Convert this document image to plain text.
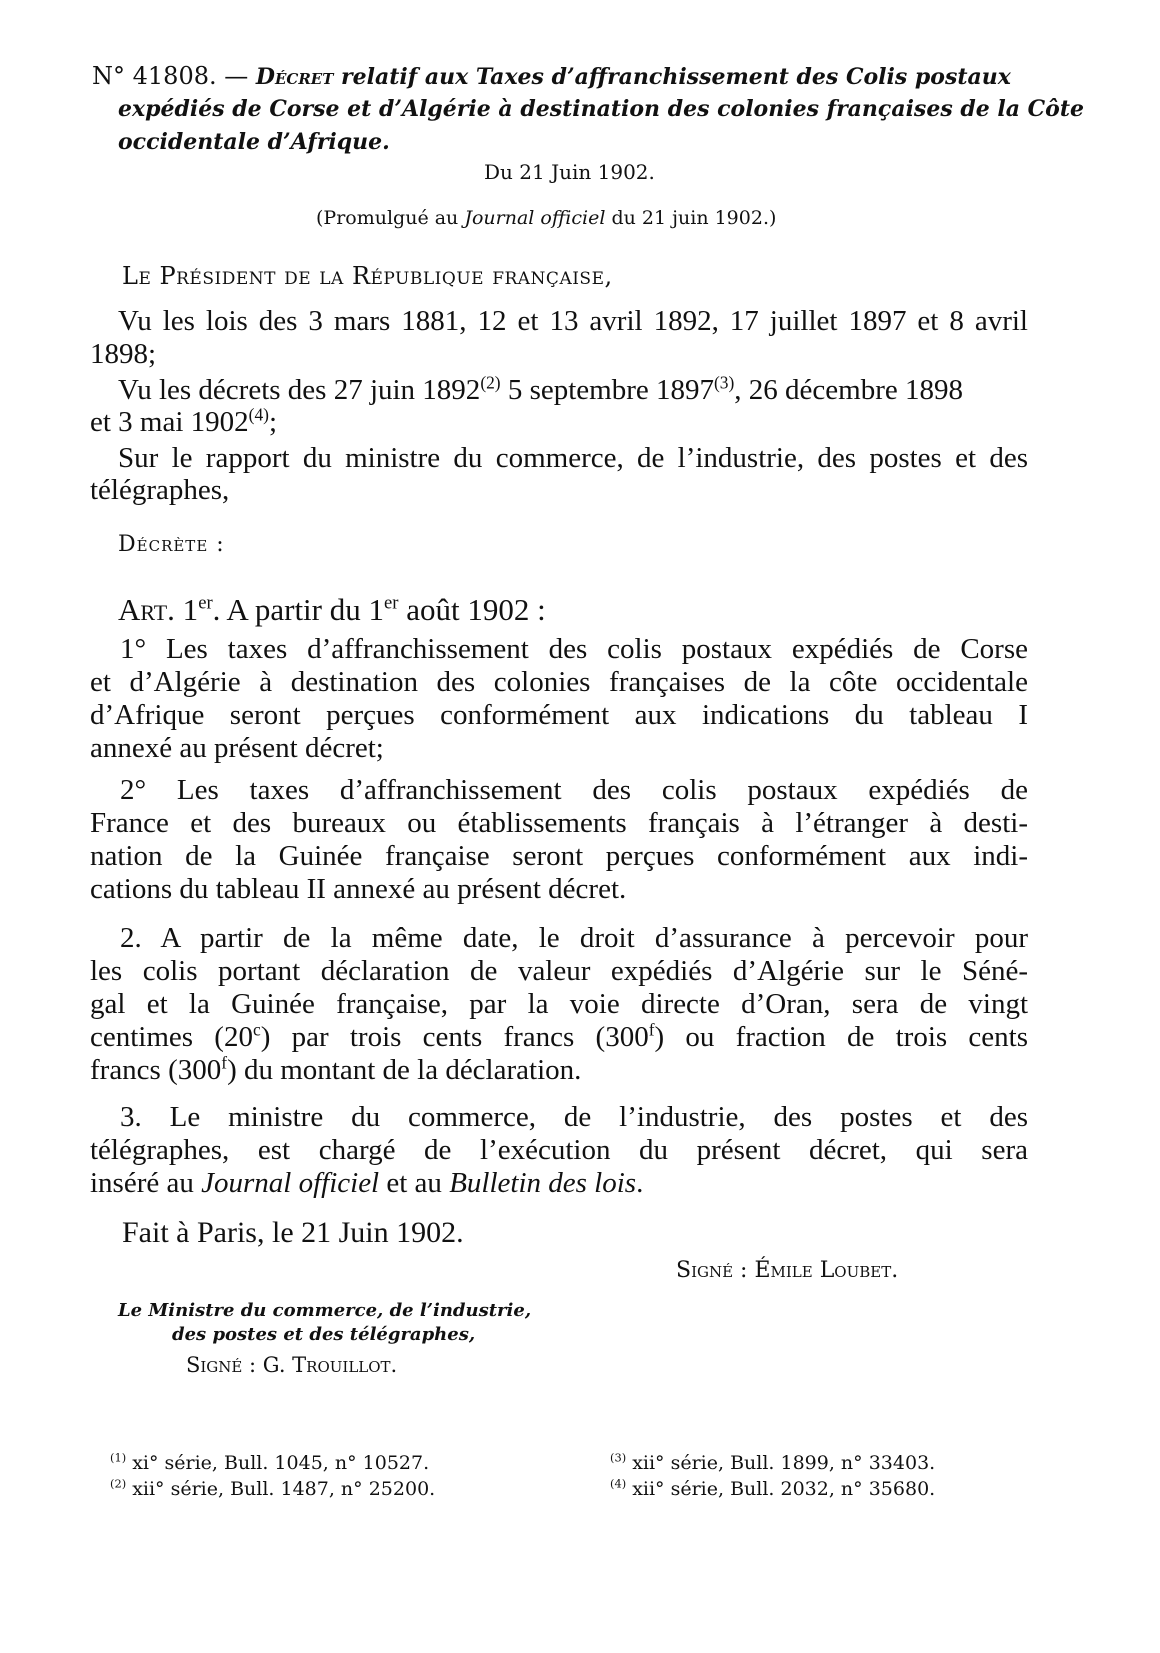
N° 41808. — Décret relatif aux Taxes d’affranchissement des Colis postaux
expédiés de Corse et d’Algérie à destination des colonies françaises de la Côte
occidentale d’Afrique.
Du 21 Juin 1902.
(Promulgué au Journal officiel du 21 juin 1902.)
Le Président de la République française,
Vu les lois des 3 mars 1881, 12 et 13 avril 1892, 17 juillet 1897 et 8 avril
1898;
Vu les décrets des 27 juin 1892$^{(2)}$ 5 septembre 1897$^{(3)}$, 26 décembre 1898
et 3 mai 1902$^{(4)}$;
Sur le rapport du ministre du commerce, de l’industrie, des postes et des
télégraphes,
Décrète :
Art. 1er. A partir du 1er août 1902 :
1° Les taxes d’affranchissement des colis postaux expédiés de Corse
et d’Algérie à destination des colonies françaises de la côte occidentale
d’Afrique seront perçues conformément aux indications du tableau I
annexé au présent décret;
2° Les taxes d’affranchissement des colis postaux expédiés de
France et des bureaux ou établissements français à l’étranger à desti-
nation de la Guinée française seront perçues conformément aux indi-
cations du tableau II annexé au présent décret.
2. A partir de la même date, le droit d’assurance à percevoir pour
les colis portant déclaration de valeur expédiés d’Algérie sur le Séné-
gal et la Guinée française, par la voie directe d’Oran, sera de vingt
centimes (20$^c$) par trois cents francs (300$^f$) ou fraction de trois cents
francs (300$^f$) du montant de la déclaration.
3. Le ministre du commerce, de l’industrie, des postes et des
télégraphes, est chargé de l’exécution du présent décret, qui sera
inséré au Journal officiel et au Bulletin des lois.
Fait à Paris, le 21 Juin 1902.
Signé : Émile Loubet.
Le Ministre du commerce, de l’industrie,
des postes et des télégraphes,
Signé : G. Trouillot.
$^{(1)}$ xi° série, Bull. 1045, n° 10527.
$^{(2)}$ xii° série, Bull. 1487, n° 25200.
$^{(3)}$ xii° série, Bull. 1899, n° 33403.
$^{(4)}$ xii° série, Bull. 2032, n° 35680.
